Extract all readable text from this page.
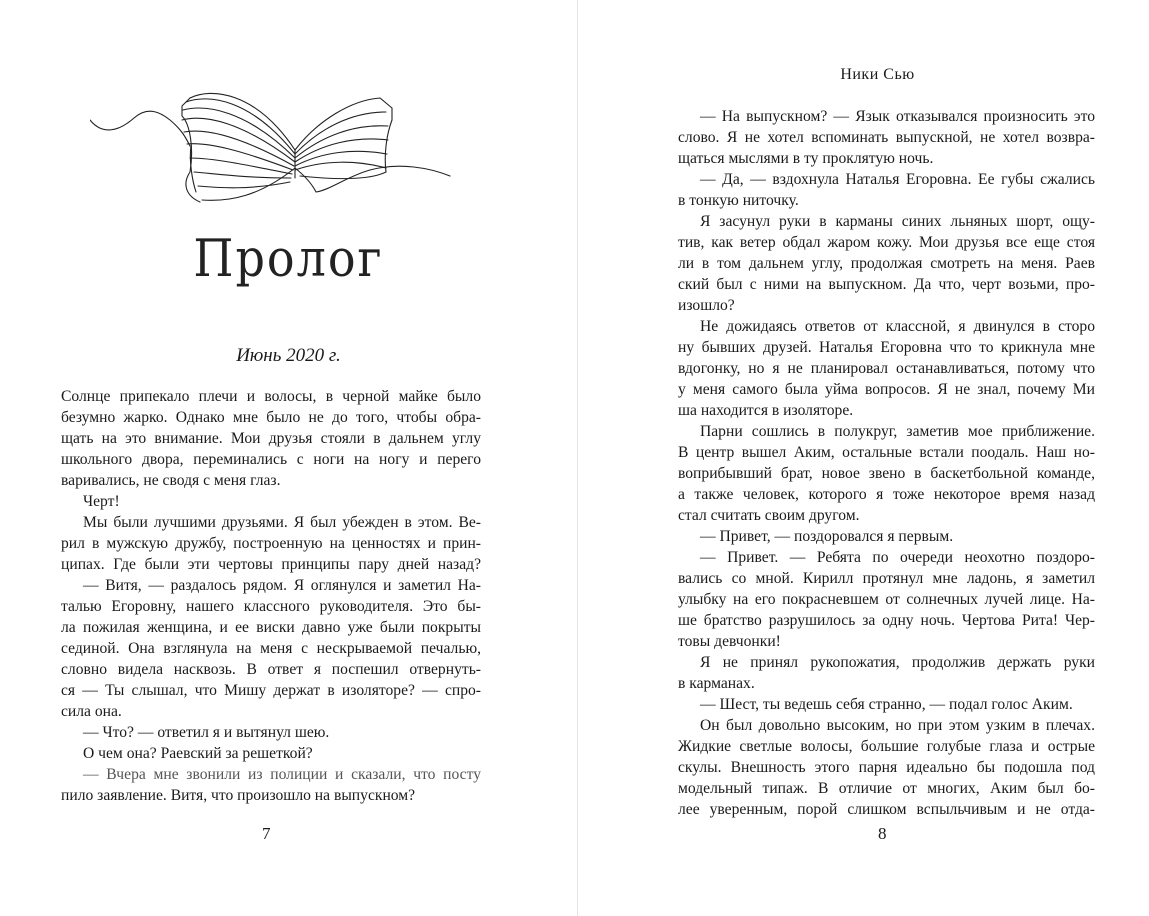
Пролог
Июнь 2020 г.
Солнце припекало плечи и волосы, в черной майке было
безумно жарко. Однако мне было не до того, чтобы обра-
щать на это внимание. Мои друзья стояли в дальнем углу
школьного двора, переминались с ноги на ногу и перего
варивались, не сводя с меня глаз.
Черт!
Мы были лучшими друзьями. Я был убежден в этом. Ве-
рил в мужскую дружбу, построенную на ценностях и прин-
ципах. Где были эти чертовы принципы пару дней назад?
— Витя, — раздалось рядом. Я оглянулся и заметил На-
талью Егоровну, нашего классного руководителя. Это бы-
ла пожилая женщина, и ее виски давно уже были покрыты
сединой. Она взглянула на меня с нескрываемой печалью,
словно видела насквозь. В ответ я поспешил отвернуть-
ся — Ты слышал, что Мишу держат в изоляторе? — спро-
сила она.
— Что? — ответил я и вытянул шею.
О чем она? Раевский за решеткой?
— Вчера мне звонили из полиции и сказали, что посту
пило заявление. Витя, что произошло на выпускном?
7
Ники Сью
— На выпускном? — Язык отказывался произносить это
слово. Я не хотел вспоминать выпускной, не хотел возвра-
щаться мыслями в ту проклятую ночь.
— Да, — вздохнула Наталья Егоровна. Ее губы сжались
в тонкую ниточку.
Я засунул руки в карманы синих льняных шорт, ощу-
тив, как ветер обдал жаром кожу. Мои друзья все еще стоя
ли в том дальнем углу, продолжая смотреть на меня. Раев
ский был с ними на выпускном. Да что, черт возьми, про-
изошло?
Не дожидаясь ответов от классной, я двинулся в сторо
ну бывших друзей. Наталья Егоровна что то крикнула мне
вдогонку, но я не планировал останавливаться, потому что
у меня самого была уйма вопросов. Я не знал, почему Ми
ша находится в изоляторе.
Парни сошлись в полукруг, заметив мое приближение.
В центр вышел Аким, остальные встали поодаль. Наш но-
воприбывший брат, новое звено в баскетбольной команде,
а также человек, которого я тоже некоторое время назад
стал считать своим другом.
— Привет, — поздоровался я первым.
— Привет. — Ребята по очереди неохотно поздоро-
вались со мной. Кирилл протянул мне ладонь, я заметил
улыбку на его покрасневшем от солнечных лучей лице. На-
ше братство разрушилось за одну ночь. Чертова Рита! Чер-
товы девчонки!
Я не принял рукопожатия, продолжив держать руки
в карманах.
— Шест, ты ведешь себя странно, — подал голос Аким.
Он был довольно высоким, но при этом узким в плечах.
Жидкие светлые волосы, большие голубые глаза и острые
скулы. Внешность этого парня идеально бы подошла под
модельный типаж. В отличие от многих, Аким был бо-
лее уверенным, порой слишком вспыльчивым и не отда-
8
